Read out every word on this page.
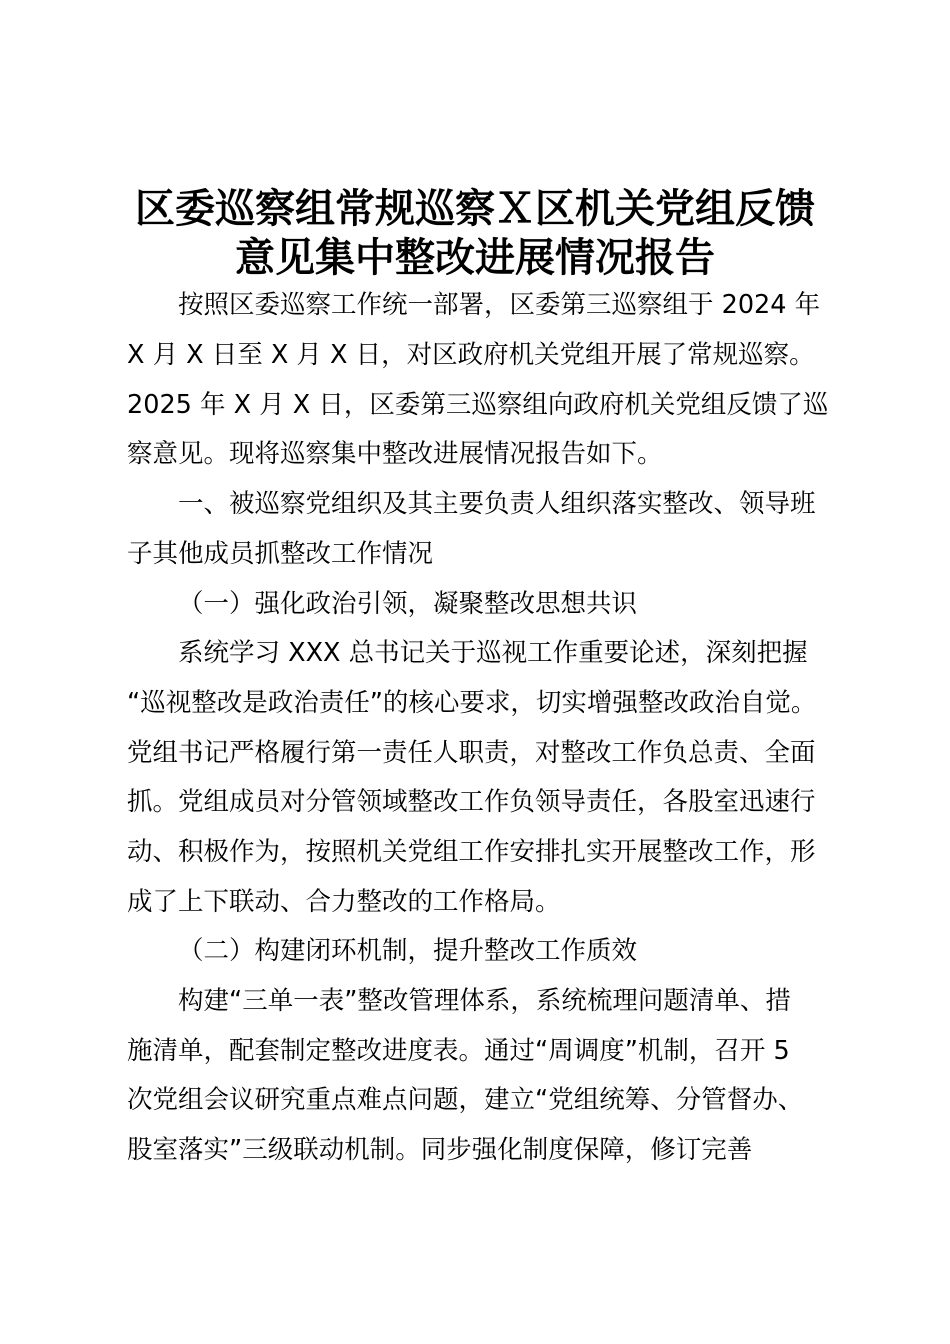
区委巡察组常规巡察Ｘ区机关党组反馈
意见集中整改进展情况报告

按照区委巡察工作统一部署，区委第三巡察组于 2024 年

X 月 X 日至 X 月 X 日，对区政府机关党组开展了常规巡察。

2025 年 X 月 X 日，区委第三巡察组向政府机关党组反馈了巡

察意见。现将巡察集中整改进展情况报告如下。

一、被巡察党组织及其主要负责人组织落实整改、领导班

子其他成员抓整改工作情况

（一）强化政治引领，凝聚整改思想共识

系统学习 XXX 总书记关于巡视工作重要论述，深刻把握

“巡视整改是政治责任”的核心要求，切实增强整改政治自觉。

党组书记严格履行第一责任人职责，对整改工作负总责、全面

抓。党组成员对分管领域整改工作负领导责任，各股室迅速行

动、积极作为，按照机关党组工作安排扎实开展整改工作，形

成了上下联动、合力整改的工作格局。

（二）构建闭环机制，提升整改工作质效

构建“三单一表”整改管理体系，系统梳理问题清单、措

施清单，配套制定整改进度表。通过“周调度”机制，召开 5

次党组会议研究重点难点问题，建立“党组统筹、分管督办、

股室落实”三级联动机制。同步强化制度保障，修订完善
